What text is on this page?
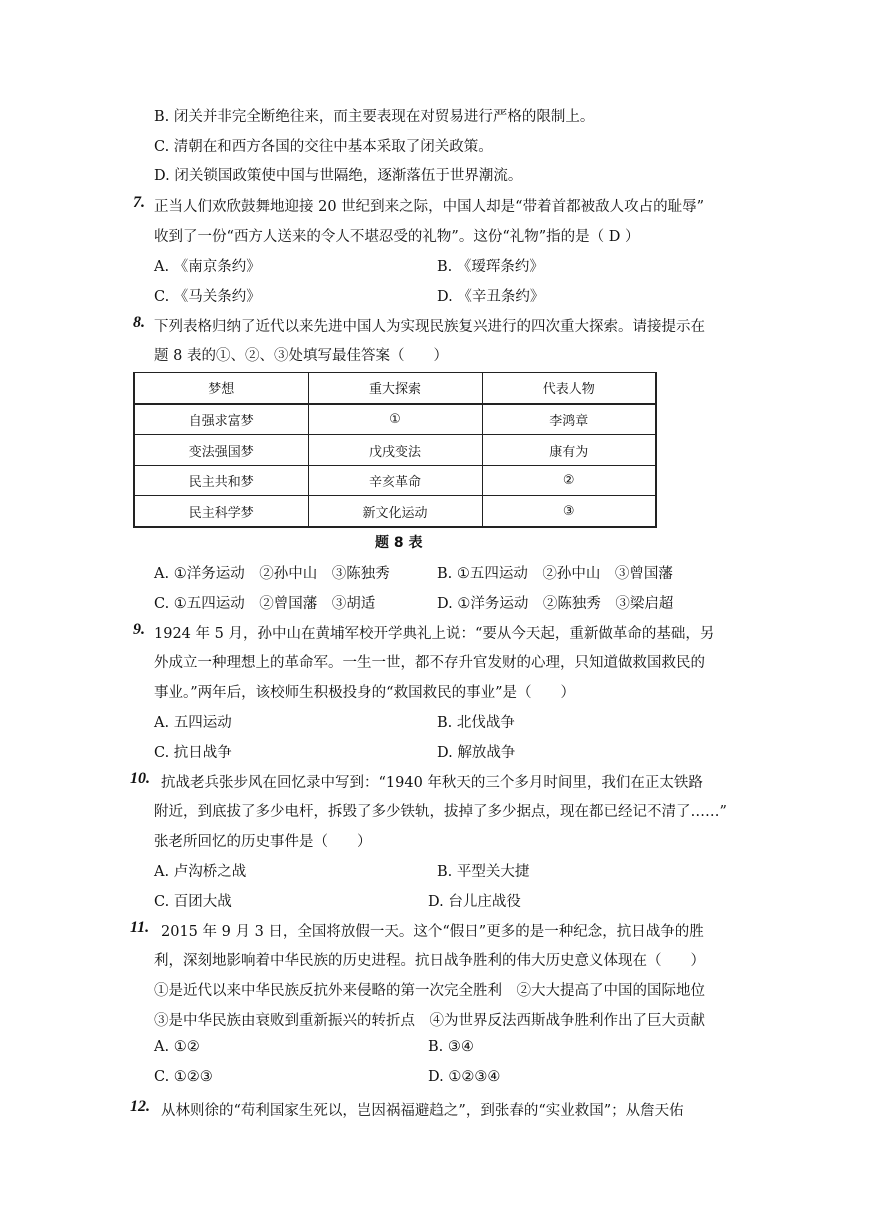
B. 闭关并非完全断绝往来，而主要表现在对贸易进行严格的限制上。
C. 清朝在和西方各国的交往中基本采取了闭关政策。
D. 闭关锁国政策使中国与世隔绝，逐渐落伍于世界潮流。
7. 正当人们欢欣鼓舞地迎接 20 世纪到来之际，中国人却是“带着首都被敌人攻占的耻辱”
收到了一份“西方人送来的令人不堪忍受的礼物”。这份“礼物”指的是（ D ）
A. 《南京条约》	B. 《瑷珲条约》
C. 《马关条约》	D. 《辛丑条约》
8. 下列表格归纳了近代以来先进中国人为实现民族复兴进行的四次重大探索。请接提示在
题 8 表的①、②、③处填写最佳答案（　　）
梦想	重大探索	代表人物
自强求富梦	①	李鸿章
变法强国梦	戊戌变法	康有为
民主共和梦	辛亥革命	②
民主科学梦	新文化运动	③
题 8 表
A. ①洋务运动　②孙中山　③陈独秀	B. ①五四运动　②孙中山　③曾国藩
C. ①五四运动　②曾国藩　③胡适	D. ①洋务运动　②陈独秀　③梁启超
9. 1924 年 5 月，孙中山在黄埔军校开学典礼上说：“要从今天起，重新做革命的基础，另
外成立一种理想上的革命军。一生一世，都不存升官发财的心理，只知道做救国救民的
事业。”两年后，该校师生积极投身的“救国救民的事业”是（　　）
A. 五四运动	B. 北伐战争
C. 抗日战争	D. 解放战争
10. 抗战老兵张步风在回忆录中写到：“1940 年秋天的三个多月时间里，我们在正太铁路
附近，到底拔了多少电杆，拆毁了多少铁轨，拔掉了多少据点，现在都已经记不清了……”
张老所回忆的历史事件是（　　）
A. 卢沟桥之战	B. 平型关大捷
C. 百团大战	D. 台儿庄战役
11. 2015 年 9 月 3 日，全国将放假一天。这个“假日”更多的是一种纪念，抗日战争的胜
利，深刻地影响着中华民族的历史进程。抗日战争胜利的伟大历史意义体现在（　　）
①是近代以来中华民族反抗外来侵略的第一次完全胜利　②大大提高了中国的国际地位
③是中华民族由衰败到重新振兴的转折点　④为世界反法西斯战争胜利作出了巨大贡献
A. ①②	B. ③④
C. ①②③	D. ①②③④
12. 从林则徐的“苟利国家生死以，岂因祸福避趋之”，到张春的“实业救国”；从詹天佑
